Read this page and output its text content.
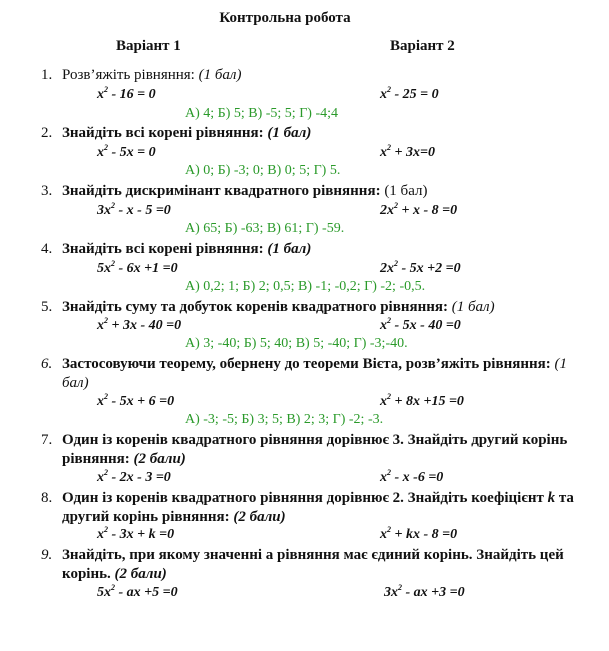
Контрольна робота
Варіант 1	Варіант 2
1. Розв’яжіть рівняння: (1 бал)
$x^2 - 16 = 0$	$x^2 - 25 = 0$
А) 4; Б) 5; В) -5; 5; Г) -4;4
2. Знайдіть всі корені рівняння: (1 бал)
$x^2 - 5x = 0$	$x^2 + 3x=0$
А) 0; Б) -3; 0; В) 0; 5; Г) 5.
3. Знайдіть дискримінант квадратного рівняння: (1 бал)
$3x^2 - x - 5 =0$	$2x^2 + x - 8 =0$
А) 65; Б) -63; В) 61; Г) -59.
4. Знайдіть всі корені рівняння: (1 бал)
$5x^2 - 6x +1 =0$	$2x^2 - 5x +2 =0$
А) 0,2; 1; Б) 2; 0,5; В) -1; -0,2; Г) -2; -0,5.
5. Знайдіть суму та добуток коренів квадратного рівняння: (1 бал)
$x^2 + 3x - 40 =0$	$x^2 - 5x - 40 =0$
А) 3; -40; Б) 5; 40; В) 5; -40; Г) -3;-40.
6. Застосовуючи теорему, обернену до теореми Вієта, розв’яжіть рівняння: (1 бал)
$x^2 - 5x + 6 =0$	$x^2 + 8x +15 =0$
А) -3; -5; Б) 3; 5; В) 2; 3; Г) -2; -3.
7. Один із коренів квадратного рівняння дорівнює 3. Знайдіть другий корінь рівняння: (2 бали)
$x^2 - 2x - 3 =0$	$x^2$ - x -6 =0
8. Один із коренів квадратного рівняння дорівнює 2. Знайдіть коефіцієнт k та другий корінь рівняння: (2 бали)
$x^2 - 3x + k =0$	$x^2$ + kx - 8 =0
9. Знайдіть, при якому значенні а рівняння має єдиний корінь. Знайдіть цей корінь. (2 бали)
$5x^2$ - ax +5 =0	$3x^2$ - ax +3 =0
